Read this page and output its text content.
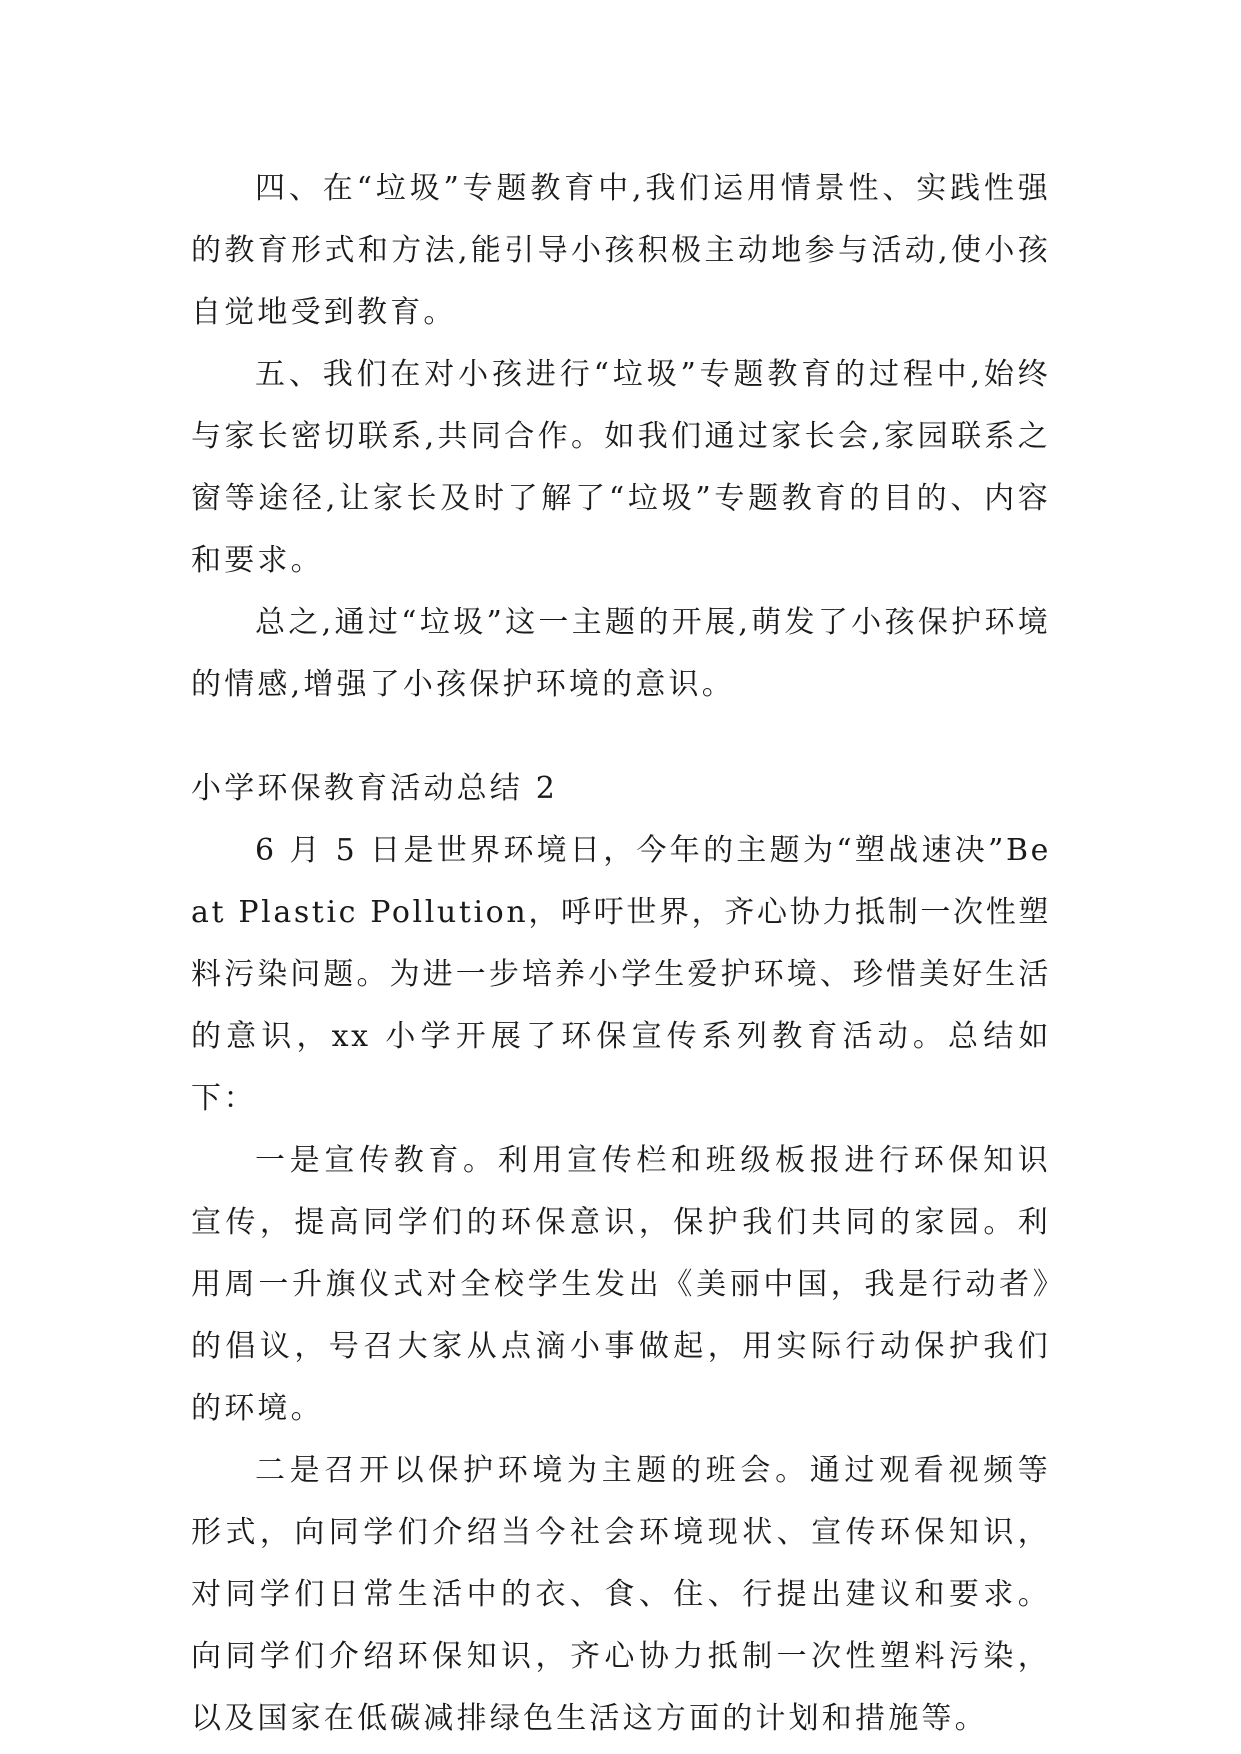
四、在“垃圾”专题教育中,我们运用情景性、实践性强的教育形式和方法,能引导小孩积极主动地参与活动,使小孩自觉地受到教育。

五、我们在对小孩进行“垃圾”专题教育的过程中,始终与家长密切联系,共同合作。如我们通过家长会,家园联系之窗等途径,让家长及时了解了“垃圾”专题教育的目的、内容和要求。

总之,通过“垃圾”这一主题的开展,萌发了小孩保护环境的情感,增强了小孩保护环境的意识。

小学环保教育活动总结 2

6 月 5 日是世界环境日，今年的主题为“塑战速决”Beat Plastic Pollution，呼吁世界，齐心协力抵制一次性塑料污染问题。为进一步培养小学生爱护环境、珍惜美好生活的意识，xx 小学开展了环保宣传系列教育活动。总结如下：

一是宣传教育。利用宣传栏和班级板报进行环保知识宣传，提高同学们的环保意识，保护我们共同的家园。利用周一升旗仪式对全校学生发出《美丽中国，我是行动者》的倡议，号召大家从点滴小事做起，用实际行动保护我们的环境。

二是召开以保护环境为主题的班会。通过观看视频等形式，向同学们介绍当今社会环境现状、宣传环保知识，对同学们日常生活中的衣、食、住、行提出建议和要求。向同学们介绍环保知识，齐心协力抵制一次性塑料污染，以及国家在低碳减排绿色生活这方面的计划和措施等。
